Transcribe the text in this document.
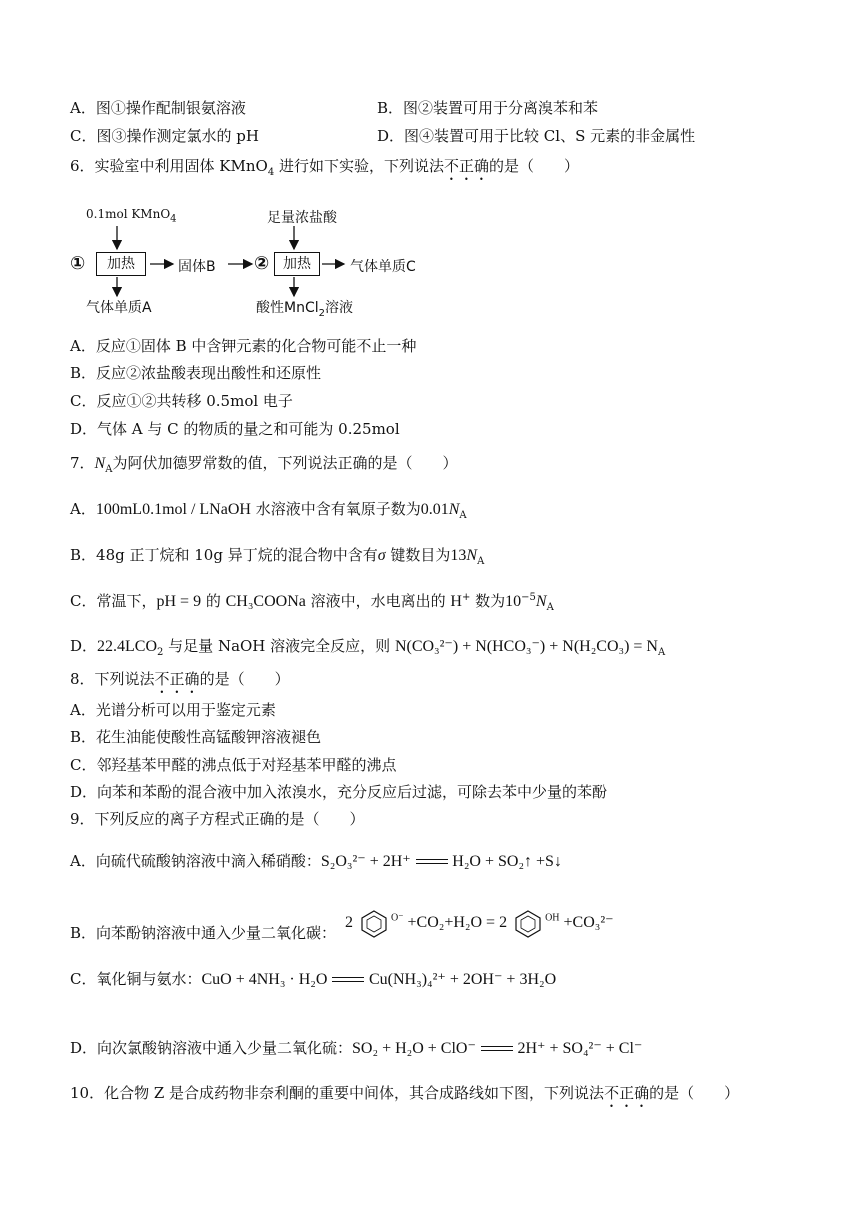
A．图①操作配制银氨溶液	B．图②装置可用于分离溴苯和苯
C．图③操作测定氯水的 pH	D．图④装置可用于比较 Cl、S 元素的非金属性
6．实验室中利用固体 KMnO$_4$ 进行如下实验，下列说法不正确的是（　　）
0.1mol KMnO$_4$	足量浓盐酸
①	加热	固体B ② 加热	气体单质C
气体单质A	酸性MnCl$_2$溶液
A．反应①固体 B 中含钾元素的化合物可能不止一种
B．反应②浓盐酸表现出酸性和还原性
C．反应①②共转移 0.5mol 电子
D．气体 A 与 C 的物质的量之和可能为 0.25mol
7．$N_A$为阿伏加德罗常数的值，下列说法正确的是（　　）
A．100mL0.1mol / LNaOH 水溶液中含有氧原子数为$0.01N_A$
B．48g 正丁烷和 10g 异丁烷的混合物中含有σ 键数目为$13N_A$
C．常温下，pH = 9 的 CH₃COONa 溶液中，水电离出的 H+ 数为$10^{-5}N_A$
D．$22.4LCO_2$ 与足量 NaOH 溶液完全反应，则 $N(CO_3^{2-}) + N(HCO_3^-) + N(H_2CO_3) = N_A$
8．下列说法不正确的是（　　）
A．光谱分析可以用于鉴定元素
B．花生油能使酸性高锰酸钾溶液褪色
C．邻羟基苯甲醛的沸点低于对羟基苯甲醛的沸点
D．向苯和苯酚的混合液中加入浓溴水，充分反应后过滤，可除去苯中少量的苯酚
9．下列反应的离子方程式正确的是（　　）
A．向硫代硫酸钠溶液中滴入稀硝酸：S₂O₃²⁻ + 2H⁺	H₂O + SO₂↑ +S↓
B．向苯酚钠溶液中通入少量二氧化碳：
2	$^{O^-}$ +CO₂+H₂O = 2	$^{OH}$ +CO₃²⁻
C．氧化铜与氨水：CuO + 4NH₃ · H₂O	Cu(NH₃)₄²⁺ + 2OH⁻ + 3H₂O
D．向次氯酸钠溶液中通入少量二氧化硫：SO₂ + H₂O + ClO⁻	2H⁺ + SO₄²⁻ + Cl⁻
10．化合物 Z 是合成药物非奈利酮的重要中间体，其合成路线如下图，下列说法不正确的是（　　）
